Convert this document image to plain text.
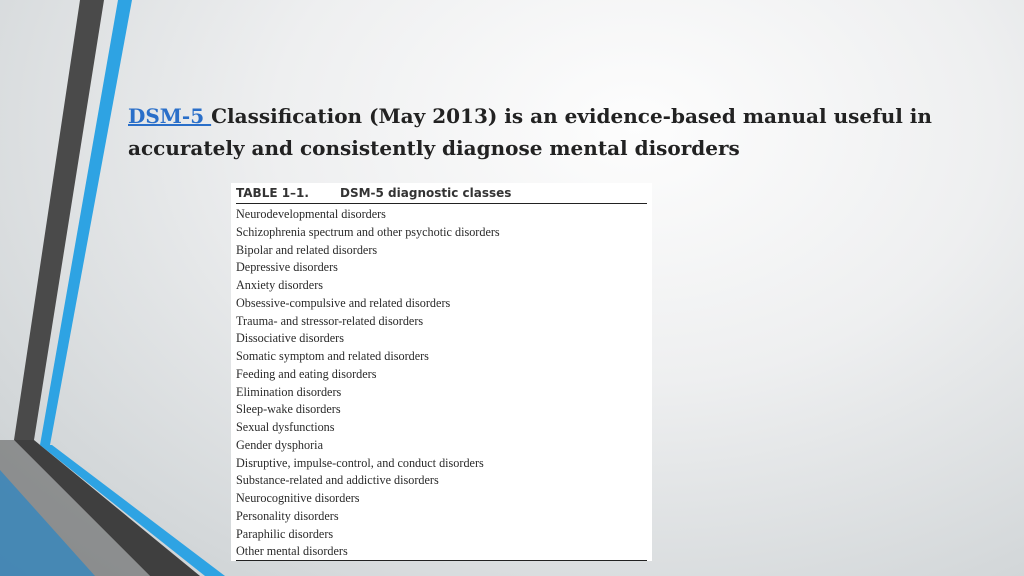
DSM-5 Classification (May 2013) is an evidence-based manual useful in accurately and consistently diagnose mental disorders
TABLE 1–1.	DSM-5 diagnostic classes
Neurodevelopmental disorders
Schizophrenia spectrum and other psychotic disorders
Bipolar and related disorders
Depressive disorders
Anxiety disorders
Obsessive-compulsive and related disorders
Trauma- and stressor-related disorders
Dissociative disorders
Somatic symptom and related disorders
Feeding and eating disorders
Elimination disorders
Sleep-wake disorders
Sexual dysfunctions
Gender dysphoria
Disruptive, impulse-control, and conduct disorders
Substance-related and addictive disorders
Neurocognitive disorders
Personality disorders
Paraphilic disorders
Other mental disorders
